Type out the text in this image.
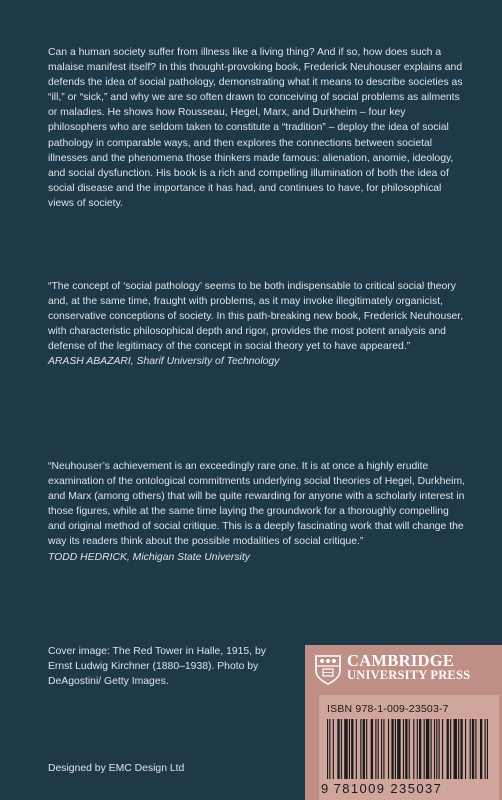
Can a human society suffer from illness like a living thing? And if so, how does such a malaise manifest itself? In this thought-provoking book, Frederick Neuhouser explains and defends the idea of social pathology, demonstrating what it means to describe societies as “ill,” or “sick,” and why we are so often drawn to conceiving of social problems as ailments or maladies. He shows how Rousseau, Hegel, Marx, and Durkheim – four key philosophers who are seldom taken to constitute a “tradition” – deploy the idea of social pathology in comparable ways, and then explores the connections between societal illnesses and the phenomena those thinkers made famous: alienation, anomie, ideology, and social dysfunction. His book is a rich and compelling illumination of both the idea of social disease and the importance it has had, and continues to have, for philosophical views of society.

“The concept of ‘social pathology’ seems to be both indispensable to critical social theory and, at the same time, fraught with problems, as it may invoke illegitimately organicist, conservative conceptions of society. In this path-breaking new book, Frederick Neuhouser, with characteristic philosophical depth and rigor, provides the most potent analysis and defense of the legitimacy of the concept in social theory yet to have appeared.”
ARASH ABAZARI, Sharif University of Technology

“Neuhouser’s achievement is an exceedingly rare one. It is at once a highly erudite examination of the ontological commitments underlying social theories of Hegel, Durkheim, and Marx (among others) that will be quite rewarding for anyone with a scholarly interest in those figures, while at the same time laying the groundwork for a thoroughly compelling and original method of social critique. This is a deeply fascinating work that will change the way its readers think about the possible modalities of social critique.”
TODD HEDRICK, Michigan State University

Cover image: The Red Tower in Halle, 1915, by Ernst Ludwig Kirchner (1880–1938). Photo by DeAgostini/ Getty Images.

Designed by EMC Design Ltd
CAMBRIDGE
UNIVERSITY PRESS
ISBN 978-1-009-23503-7
9 781009 235037
